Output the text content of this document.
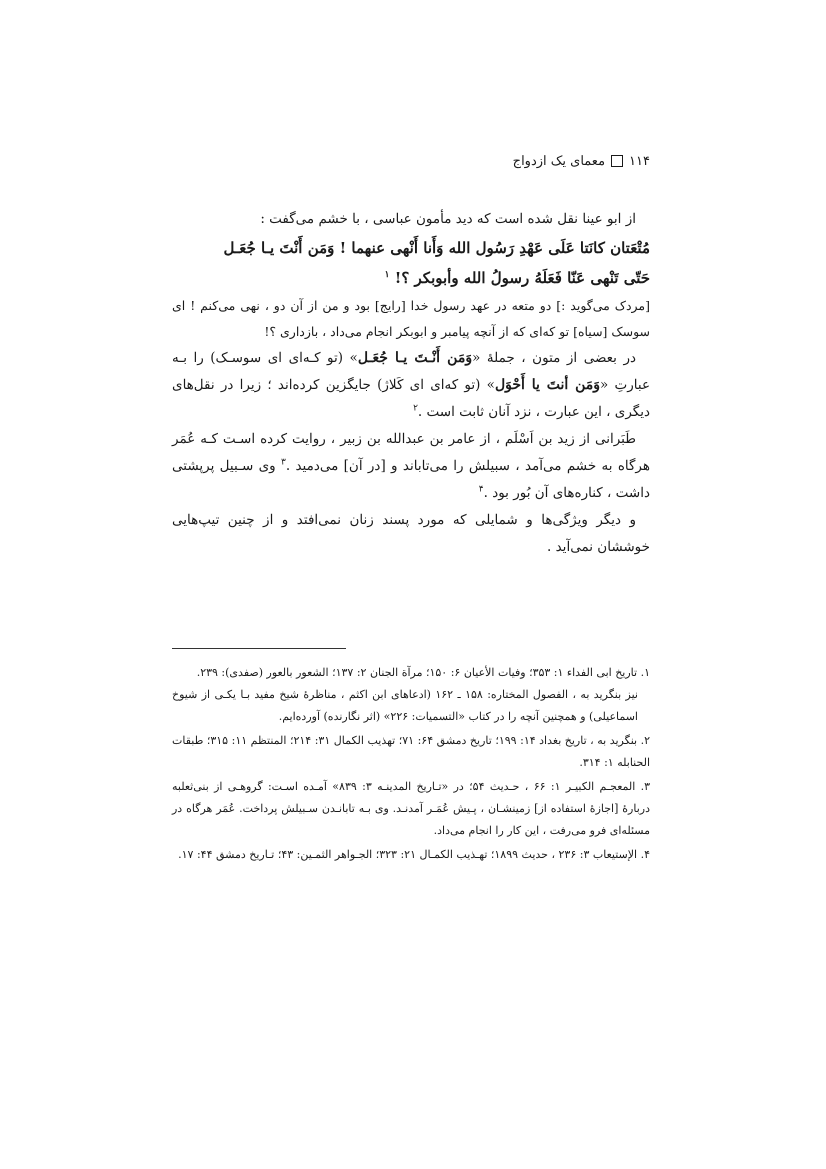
۱۱۴
معمای یک ازدواج

از ابو عینا نقل شده است که دید مأمون عباسی ، با خشم می‌گفت :

مُتْعَتان كانَتا عَلَى عَهْدِ رَسُول الله وَأَنا أَنْهى عنهما ! وَمَن أَنْتَ يـا جُعَـل
حَتّى تَنْهى عَنّا فَعَلَهُ رسولُ الله وأبوبكر ؟! $^۱$

[مردک می‌گوید :] دو متعه در عهد رسول خدا [رایج] بود و من از آن دو ، نهی می‌کنم ! ای سوسک [سیاه] تو که‌ای که از آنچه پیامبر و ابوبکر انجام می‌داد ، بازداری ؟!

در بعضی از متون ، جملهٔ «وَمَن أَنْـتَ يـا جُعَـل» (تو کـه‌ای ای سوسـک) را بـه عبارتِ «وَمَن أنتَ يا أَحْوَل» (تو که‌ای ای کَلاژ) جایگزین کرده‌اند ؛ زیرا در نقل‌های دیگری ، این عبارت ، نزد آنان ثابت است .$^۲$

طَبَرانی از زید بن اَسْلَم ، از عامر بن عبدالله بن زبیر ، روایت کرده اسـت کـه عُمَر هرگاه به خشم می‌آمد ، سبیلش را می‌تاباند و [در آن] می‌دمید .$^۳$ وی سـبیل پرپشتی داشت ، کناره‌های آن بُور بود .$^۴$

و دیگر ویژگی‌ها و شمایلی که مورد پسند زنان نمی‌افتد و از چنین تیپ‌هایی خوششان نمی‌آید .

۱. تاریخ ابی الفداء ۱: ۳۵۳؛ وفیات الأعیان ۶: ۱۵۰؛ مرآة الجنان ۲: ۱۳۷؛ الشعور بالعور (صفدی): ۲۳۹.
نیز بنگرید به ، الفصول المختاره: ۱۵۸ ـ ۱۶۲ (ادعاهای ابن اکثم ، مناظرهٔ شیخ مفید بـا یکـی از شیوخ اسماعیلی) و همچنین آنچه را در کتاب «التسمیات: ۲۲۶» (اثر نگارنده) آورده‌ایم.
۲. بنگرید به ، تاریخ بغداد ۱۴: ۱۹۹؛ تاریخ دمشق ۶۴: ۷۱؛ تهذیب الکمال ۳۱: ۲۱۴؛ المنتظم ۱۱: ۳۱۵؛ طبقات الحنابله ۱: ۳۱۴.
۳. المعجـم الکبیـر ۱: ۶۶ ، حـدیث ۵۴؛ در «تـاریخ المدینـه ۳: ۸۳۹» آمـده اسـت: گروهـی از بنی‌ثعلبه دربارهٔ [اجازهٔ استفاده از] زمینشـان ، پـیش عُمَـر آمدنـد. وی بـه تابانـدن سـبیلش پرداخت. عُمَر هرگاه در مسئله‌ای فرو می‌رفت ، این کار را انجام می‌داد.
۴. الإستیعاب ۳: ۲۳۶ ، حدیث ۱۸۹۹؛ تهـذیب الکمـال ۲۱: ۳۲۳؛ الجـواهر الثمـین: ۴۳؛ تـاریخ دمشق ۴۴: ۱۷.
